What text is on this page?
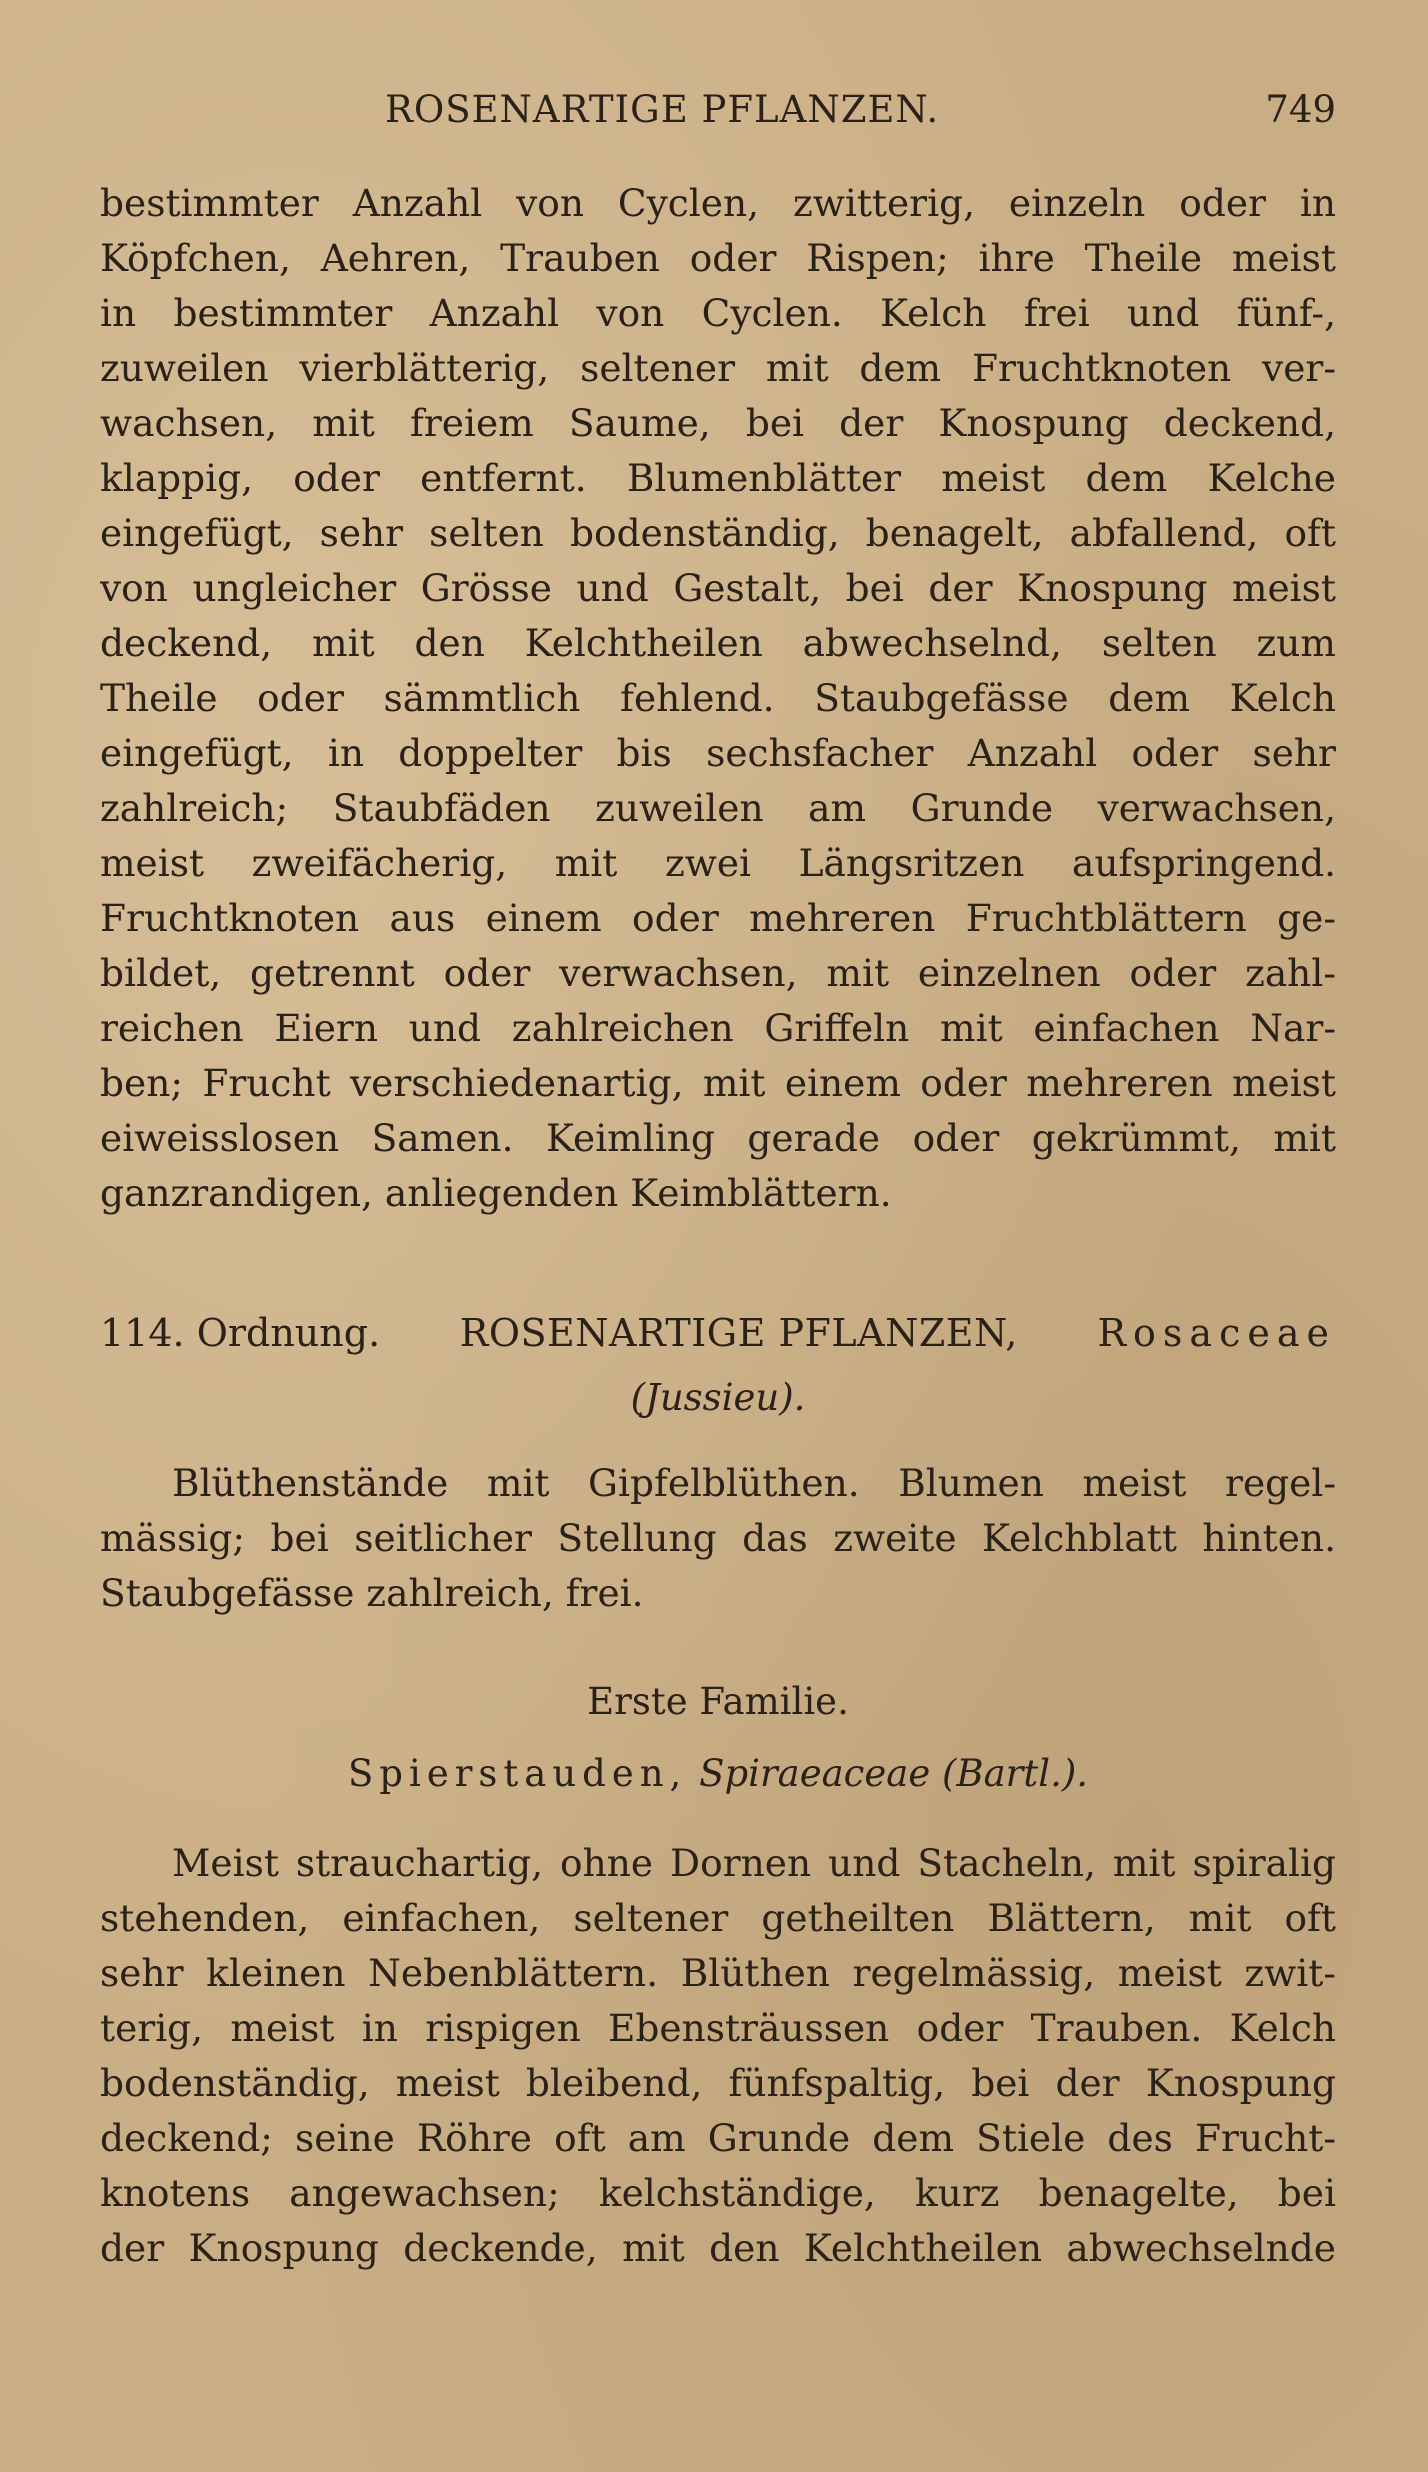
ROSENARTIGE PFLANZEN.	749
bestimmter Anzahl von Cyclen, zwitterig, einzeln oder in
Köpfchen, Aehren, Trauben oder Rispen; ihre Theile meist
in bestimmter Anzahl von Cyclen. Kelch frei und fünf-,
zuweilen vierblätterig, seltener mit dem Fruchtknoten ver-
wachsen, mit freiem Saume, bei der Knospung deckend,
klappig, oder entfernt. Blumenblätter meist dem Kelche
eingefügt, sehr selten bodenständig, benagelt, abfallend, oft
von ungleicher Grösse und Gestalt, bei der Knospung meist
deckend, mit den Kelchtheilen abwechselnd, selten zum
Theile oder sämmtlich fehlend. Staubgefässe dem Kelch
eingefügt, in doppelter bis sechsfacher Anzahl oder sehr
zahlreich; Staubfäden zuweilen am Grunde verwachsen,
meist zweifächerig, mit zwei Längsritzen aufspringend.
Fruchtknoten aus einem oder mehreren Fruchtblättern ge-
bildet, getrennt oder verwachsen, mit einzelnen oder zahl-
reichen Eiern und zahlreichen Griffeln mit einfachen Nar-
ben; Frucht verschiedenartig, mit einem oder mehreren meist
eiweisslosen Samen. Keimling gerade oder gekrümmt, mit
ganzrandigen, anliegenden Keimblättern.
114. Ordnung. ROSENARTIGE PFLANZEN, Rosaceae
(Jussieu).
Blüthenstände mit Gipfelblüthen. Blumen meist regel-
mässig; bei seitlicher Stellung das zweite Kelchblatt hinten.
Staubgefässe zahlreich, frei.
Erste Familie.
Spierstauden, Spiraeaceae (Bartl.).
Meist strauchartig, ohne Dornen und Stacheln, mit spiralig
stehenden, einfachen, seltener getheilten Blättern, mit oft
sehr kleinen Nebenblättern. Blüthen regelmässig, meist zwit-
terig, meist in rispigen Ebensträussen oder Trauben. Kelch
bodenständig, meist bleibend, fünfspaltig, bei der Knospung
deckend; seine Röhre oft am Grunde dem Stiele des Frucht-
knotens angewachsen; kelchständige, kurz benagelte, bei
der Knospung deckende, mit den Kelchtheilen abwechselnde
